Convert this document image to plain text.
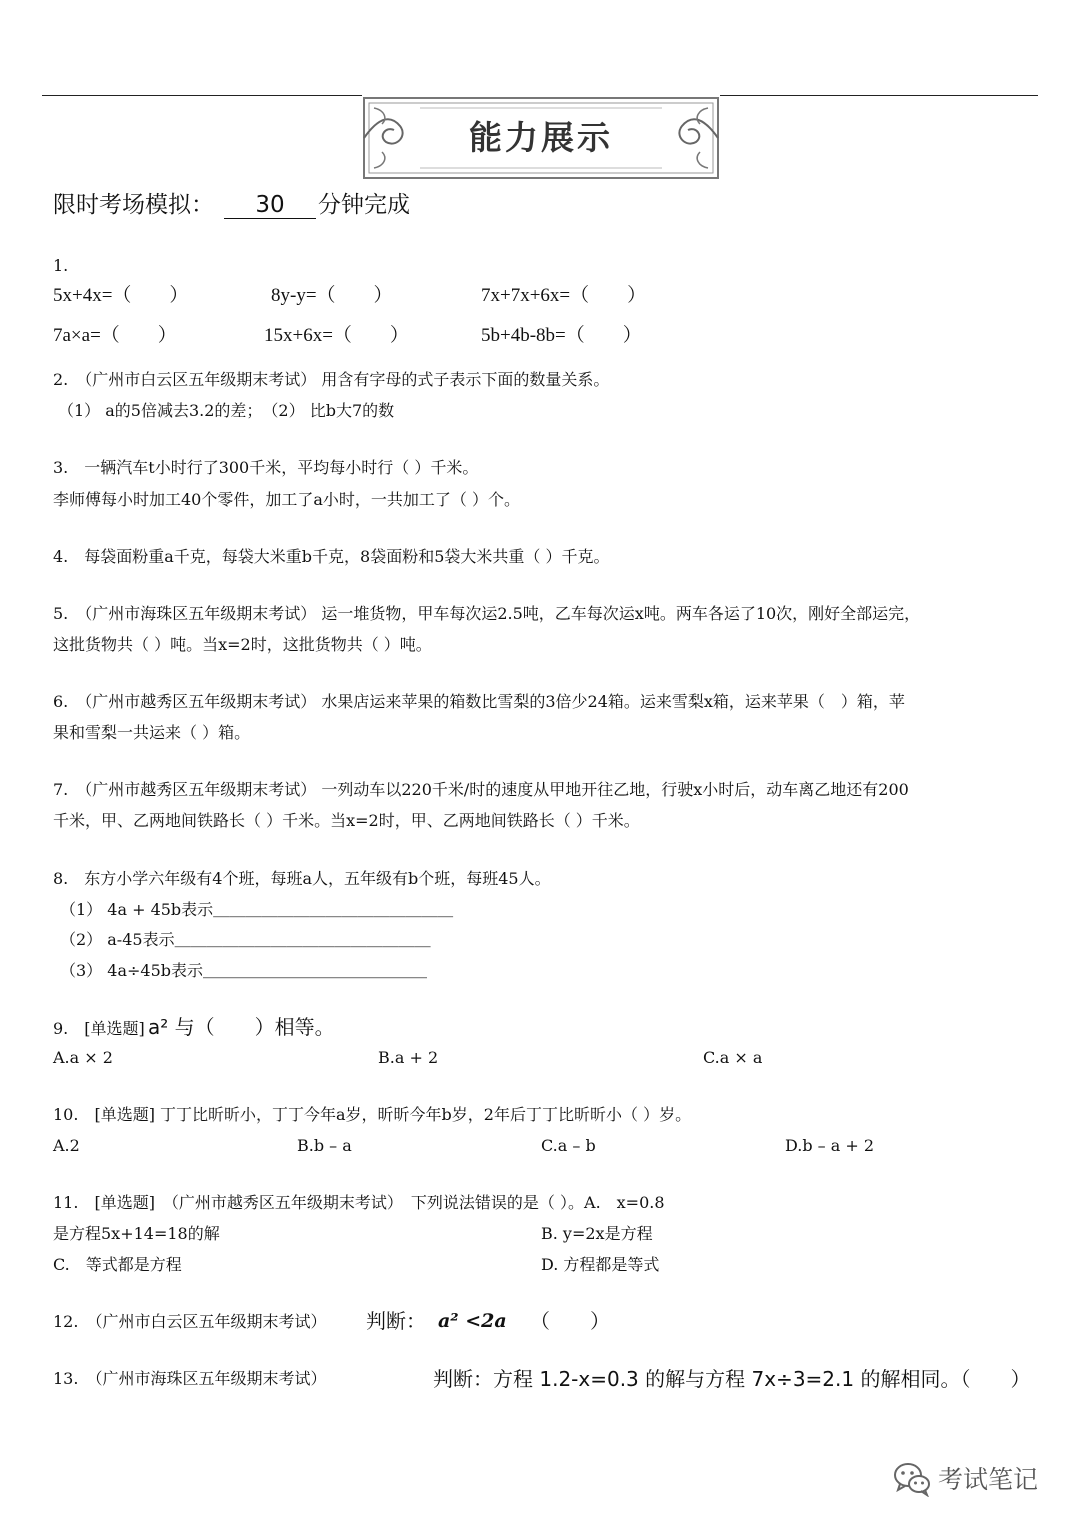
能力展示
限时考场模拟： 30 分钟完成
1.
5x+4x=（　　）	8y-y=（　　）	7x+7x+6x=（　　）
7a×a=（　　）	15x+6x=（　　）	5b+4b-8b=（　　）
2.　（广州市白云区五年级期末考试） 用含有字母的式子表示下面的数量关系。
（1） a的5倍减去3.2的差；　（2） 比b大7的数
3.　一辆汽车t小时行了300千米，平均每小时行（ ）千米。
李师傅每小时加工40个零件，加工了a小时，一共加工了（ ）个。
4.　每袋面粉重a千克，每袋大米重b千克，8袋面粉和5袋大米共重（ ）千克。
5.　（广州市海珠区五年级期末考试） 运一堆货物，甲车每次运2.5吨，乙车每次运x吨。两车各运了10次，刚好全部运完，
这批货物共（ ）吨。当x=2时，这批货物共（ ）吨。
6.　（广州市越秀区五年级期末考试） 水果店运来苹果的箱数比雪梨的3倍少24箱。运来雪梨x箱，运来苹果（　）箱，苹
果和雪梨一共运来（ ）箱。
7.　（广州市越秀区五年级期末考试） 一列动车以220千米/时的速度从甲地开往乙地，行驶x小时后，动车离乙地还有200
千米，甲、乙两地间铁路长（ ）千米。当x=2时，甲、乙两地间铁路长（ ）千米。
8.　东方小学六年级有4个班，每班a人，五年级有b个班，每班45人。
（1） 4a + 45b表示＿＿＿＿＿＿＿＿＿＿＿＿＿＿＿
（2） a-45表示＿＿＿＿＿＿＿＿＿＿＿＿＿＿＿＿
（3） 4a÷45b表示＿＿＿＿＿＿＿＿＿＿＿＿＿＿
9.　[单选题] a² 与（　　）相等。
A.a × 2	B.a + 2	C.a × a
10.　[单选题] 丁丁比昕昕小，丁丁今年a岁，昕昕今年b岁，2年后丁丁比昕昕小（ ）岁。
A.2	B.b – a	C.a – b	D.b – a + 2
11.　[单选题]　（广州市越秀区五年级期末考试）　下列说法错误的是（ ）。A.　x=0.8
是方程5x+14=18的解	B. y=2x是方程
C.　等式都是方程	D. 方程都是等式
12.　（广州市白云区五年级期末考试） 判断： a² <2a （　　）
13.　（广州市海珠区五年级期末考试）	判断：方程 1.2-x=0.3 的解与方程 7x÷3=2.1 的解相同。（　　）
考试笔记
